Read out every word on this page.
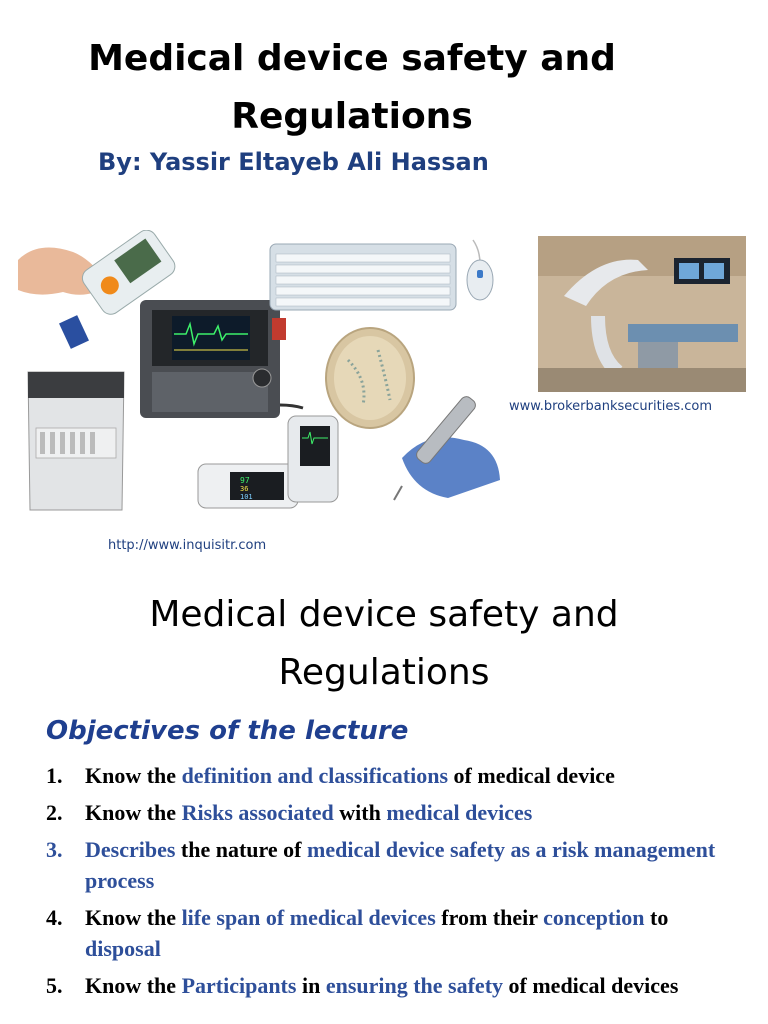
Medical device safety and
Regulations
By: Yassir Eltayeb Ali Hassan
97
36
101
www.brokerbanksecurities.com
http://www.inquisitr.com
Medical device safety and
Regulations
Objectives of the lecture
1. Know the definition and classifications of medical device
2. Know the Risks associated with medical devices
3. Describes the nature of medical device safety as a risk management process
4. Know the life span of medical devices from their conception to disposal
5. Know the Participants in ensuring the safety of medical devices
